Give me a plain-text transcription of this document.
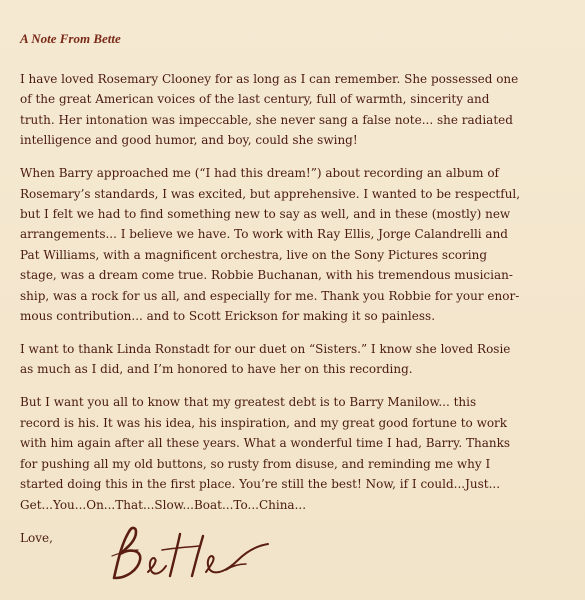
A Note From Bette
I have loved Rosemary Clooney for as long as I can remember. She possessed one
of the great American voices of the last century, full of warmth, sincerity and
truth. Her intonation was impeccable, she never sang a false note... she radiated
intelligence and good humor, and boy, could she swing!
When Barry approached me (“I had this dream!”) about recording an album of
Rosemary’s standards, I was excited, but apprehensive. I wanted to be respectful,
but I felt we had to find something new to say as well, and in these (mostly) new
arrangements... I believe we have. To work with Ray Ellis, Jorge Calandrelli and
Pat Williams, with a magnificent orchestra, live on the Sony Pictures scoring
stage, was a dream come true. Robbie Buchanan, with his tremendous musician-
ship, was a rock for us all, and especially for me. Thank you Robbie for your enor-
mous contribution... and to Scott Erickson for making it so painless.
I want to thank Linda Ronstadt for our duet on “Sisters.” I know she loved Rosie
as much as I did, and I’m honored to have her on this recording.
But I want you all to know that my greatest debt is to Barry Manilow... this
record is his. It was his idea, his inspiration, and my great good fortune to work
with him again after all these years. What a wonderful time I had, Barry. Thanks
for pushing all my old buttons, so rusty from disuse, and reminding me why I
started doing this in the first place. You’re still the best! Now, if I could...Just...
Get...You...On...That...Slow...Boat...To...China...
Love,
